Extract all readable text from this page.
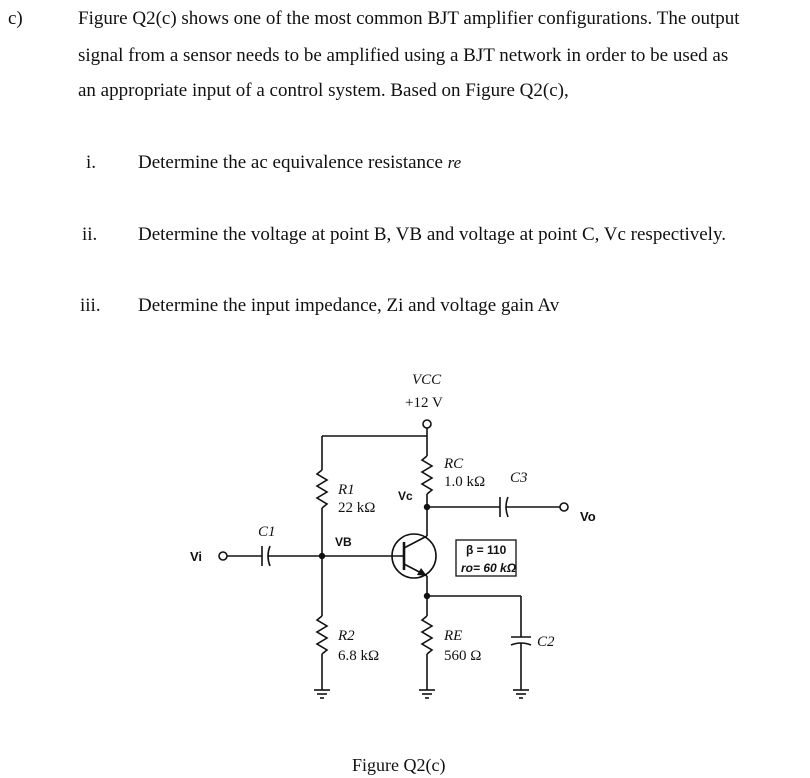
c)	Figure Q2(c) shows one of the most common BJT amplifier configurations. The output
signal from a sensor needs to be amplified using a BJT network in order to be used as
an appropriate input of a control system. Based on Figure Q2(c),
i. Determine the ac equivalence resistance re
ii. Determine the voltage at point B, VB and voltage at point C, Vc respectively.
iii. Determine the input impedance, Zi and voltage gain Av
VCC
+12 V
RC
1.0 kΩ C3
R1
22 kΩ
Vc
VB
C1
Vi
Vo
β = 110
ro= 60 kΩ
R2
6.8 kΩ
RE
560 Ω
C2
Figure Q2(c)
